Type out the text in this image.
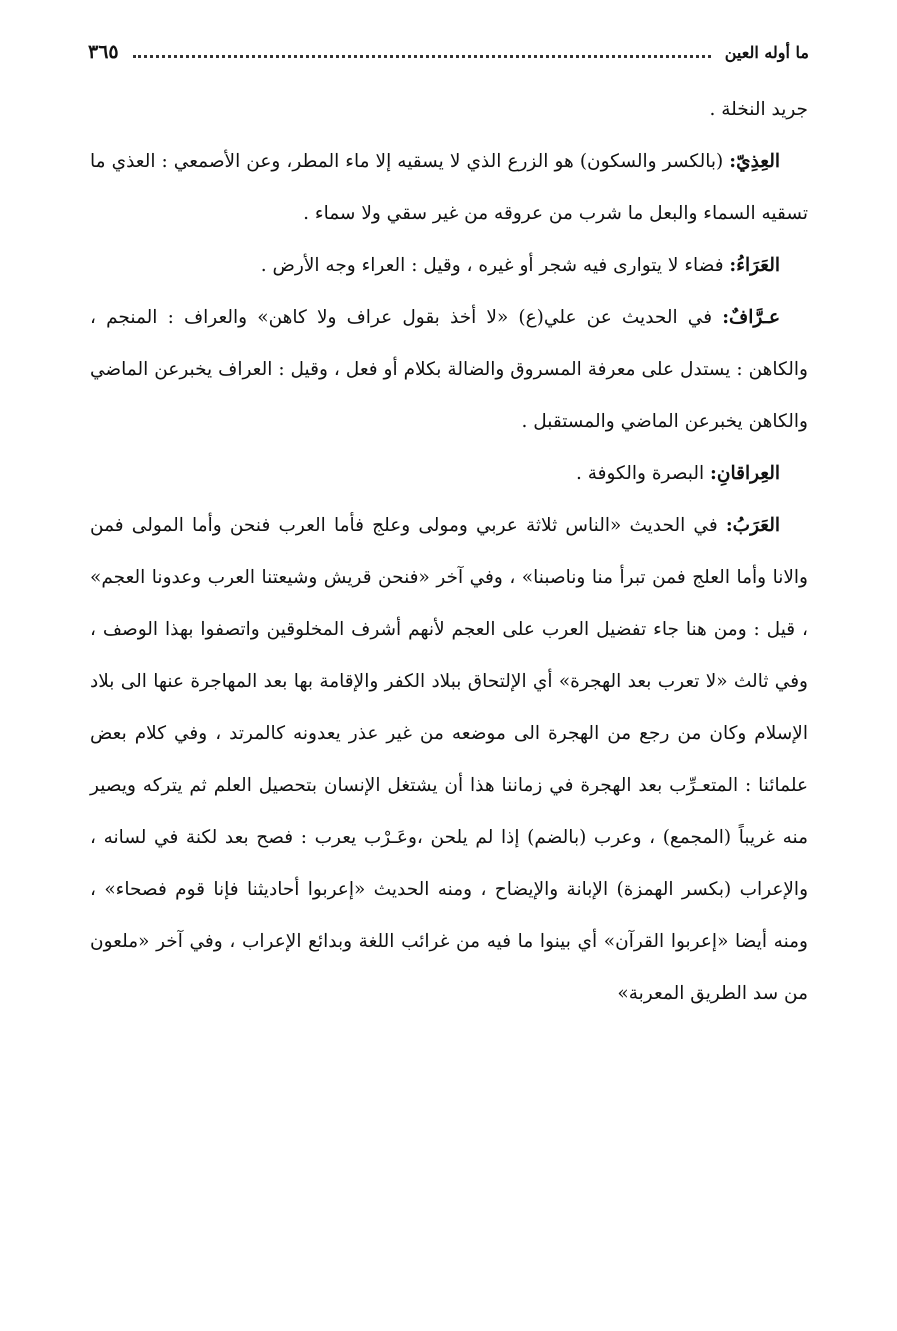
ما أوله العين
٣٦٥

جريد النخلة .

العِذِيّ: (بالكسر والسكون) هو الزرع الذي لا يسقيه إلا ماء المطر، وعن الأصمعي : العذي ما تسقيه السماء والبعل ما شرب من عروقه من غير سقي ولا سماء .

العَرَاءُ: فضاء لا يتوارى فيه شجر أو غيره ، وقيل : العراء وجه الأرض .

عـرَّافٌ: في الحديث عن علي(ع) «لا أخذ بقول عراف ولا كاهن» والعراف : المنجم ، والكاهن : يستدل على معرفة المسروق والضالة بكلام أو فعل ، وقيل : العراف يخبرعن الماضي والكاهن يخبرعن الماضي والمستقبل .

العِراقانِ: البصرة والكوفة .

العَرَبُ: في الحديث «الناس ثلاثة عربي ومولى وعلج فأما العرب فنحن وأما المولى فمن والانا وأما العلج فمن تبرأ منا وناصبنا» ، وفي آخر «فنحن قريش وشيعتنا العرب وعدونا العجم» ، قيل : ومن هنا جاء تفضيل العرب على العجم لأنهم أشرف المخلوقين واتصفوا بهذا الوصف ، وفي ثالث «لا تعرب بعد الهجرة» أي الإلتحاق ببلاد الكفر والإقامة بها بعد المهاجرة عنها الى بلاد الإسلام وكان من رجع من الهجرة الى موضعه من غير عذر يعدونه كالمرتد ، وفي كلام بعض علمائنا : المتعـرِّب بعد الهجرة في زماننا هذا أن يشتغل الإنسان بتحصيل العلم ثم يتركه ويصير منه غريباً (المجمع) ، وعرب (بالضم) إذا لم يلحن ،وعَـرْب يعرب : فصح بعد لكنة في لسانه ، والإعراب (بكسر الهمزة) الإبانة والإيضاح ، ومنه الحديث «إعربوا أحاديثنا فإنا قوم فصحاء» ، ومنه أيضا «إعربوا القرآن» أي بينوا ما فيه من غرائب اللغة وبدائع الإعراب ، وفي آخر «ملعون من سد الطريق المعربة»
